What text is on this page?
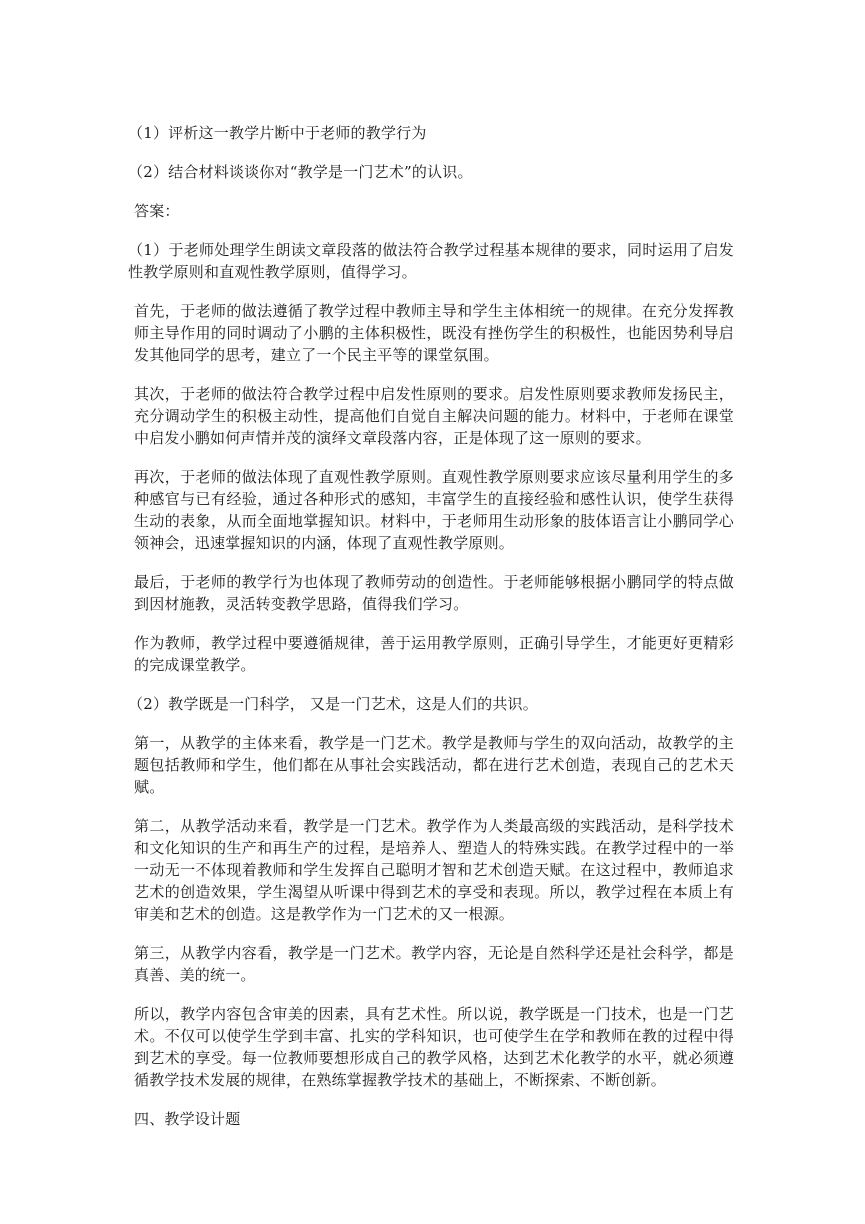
（1）评析这一教学片断中于老师的教学行为

（2）结合材料谈谈你对“教学是一门艺术”的认识。

答案：

（1）于老师处理学生朗读文章段落的做法符合教学过程基本规律的要求，同时运用了启发性教学原则和直观性教学原则，值得学习。

首先，于老师的做法遵循了教学过程中教师主导和学生主体相统一的规律。在充分发挥教师主导作用的同时调动了小鹏的主体积极性，既没有挫伤学生的积极性，也能因势利导启发其他同学的思考，建立了一个民主平等的课堂氛围。

其次，于老师的做法符合教学过程中启发性原则的要求。启发性原则要求教师发扬民主，充分调动学生的积极主动性，提高他们自觉自主解决问题的能力。材料中，于老师在课堂中启发小鹏如何声情并茂的演绎文章段落内容，正是体现了这一原则的要求。

再次，于老师的做法体现了直观性教学原则。直观性教学原则要求应该尽量利用学生的多种感官与已有经验，通过各种形式的感知，丰富学生的直接经验和感性认识，使学生获得生动的表象，从而全面地掌握知识。材料中，于老师用生动形象的肢体语言让小鹏同学心领神会，迅速掌握知识的内涵，体现了直观性教学原则。

最后，于老师的教学行为也体现了教师劳动的创造性。于老师能够根据小鹏同学的特点做到因材施教，灵活转变教学思路，值得我们学习。

作为教师，教学过程中要遵循规律，善于运用教学原则，正确引导学生，才能更好更精彩的完成课堂教学。

（2）教学既是一门科学， 又是一门艺术，这是人们的共识。

第一，从教学的主体来看，教学是一门艺术。教学是教师与学生的双向活动，故教学的主题包括教师和学生，他们都在从事社会实践活动，都在进行艺术创造，表现自己的艺术天赋。

第二，从教学活动来看，教学是一门艺术。教学作为人类最高级的实践活动，是科学技术和文化知识的生产和再生产的过程，是培养人、塑造人的特殊实践。在教学过程中的一举一动无一不体现着教师和学生发挥自己聪明才智和艺术创造天赋。在这过程中，教师追求艺术的创造效果，学生渴望从听课中得到艺术的享受和表现。所以，教学过程在本质上有审美和艺术的创造。这是教学作为一门艺术的又一根源。

第三，从教学内容看，教学是一门艺术。教学内容，无论是自然科学还是社会科学，都是真善、美的统一。

所以，教学内容包含审美的因素，具有艺术性。所以说，教学既是一门技术，也是一门艺术。不仅可以使学生学到丰富、扎实的学科知识，也可使学生在学和教师在教的过程中得到艺术的享受。每一位教师要想形成自己的教学风格，达到艺术化教学的水平，就必须遵循教学技术发展的规律，在熟练掌握教学技术的基础上，不断探索、不断创新。

四、教学设计题
